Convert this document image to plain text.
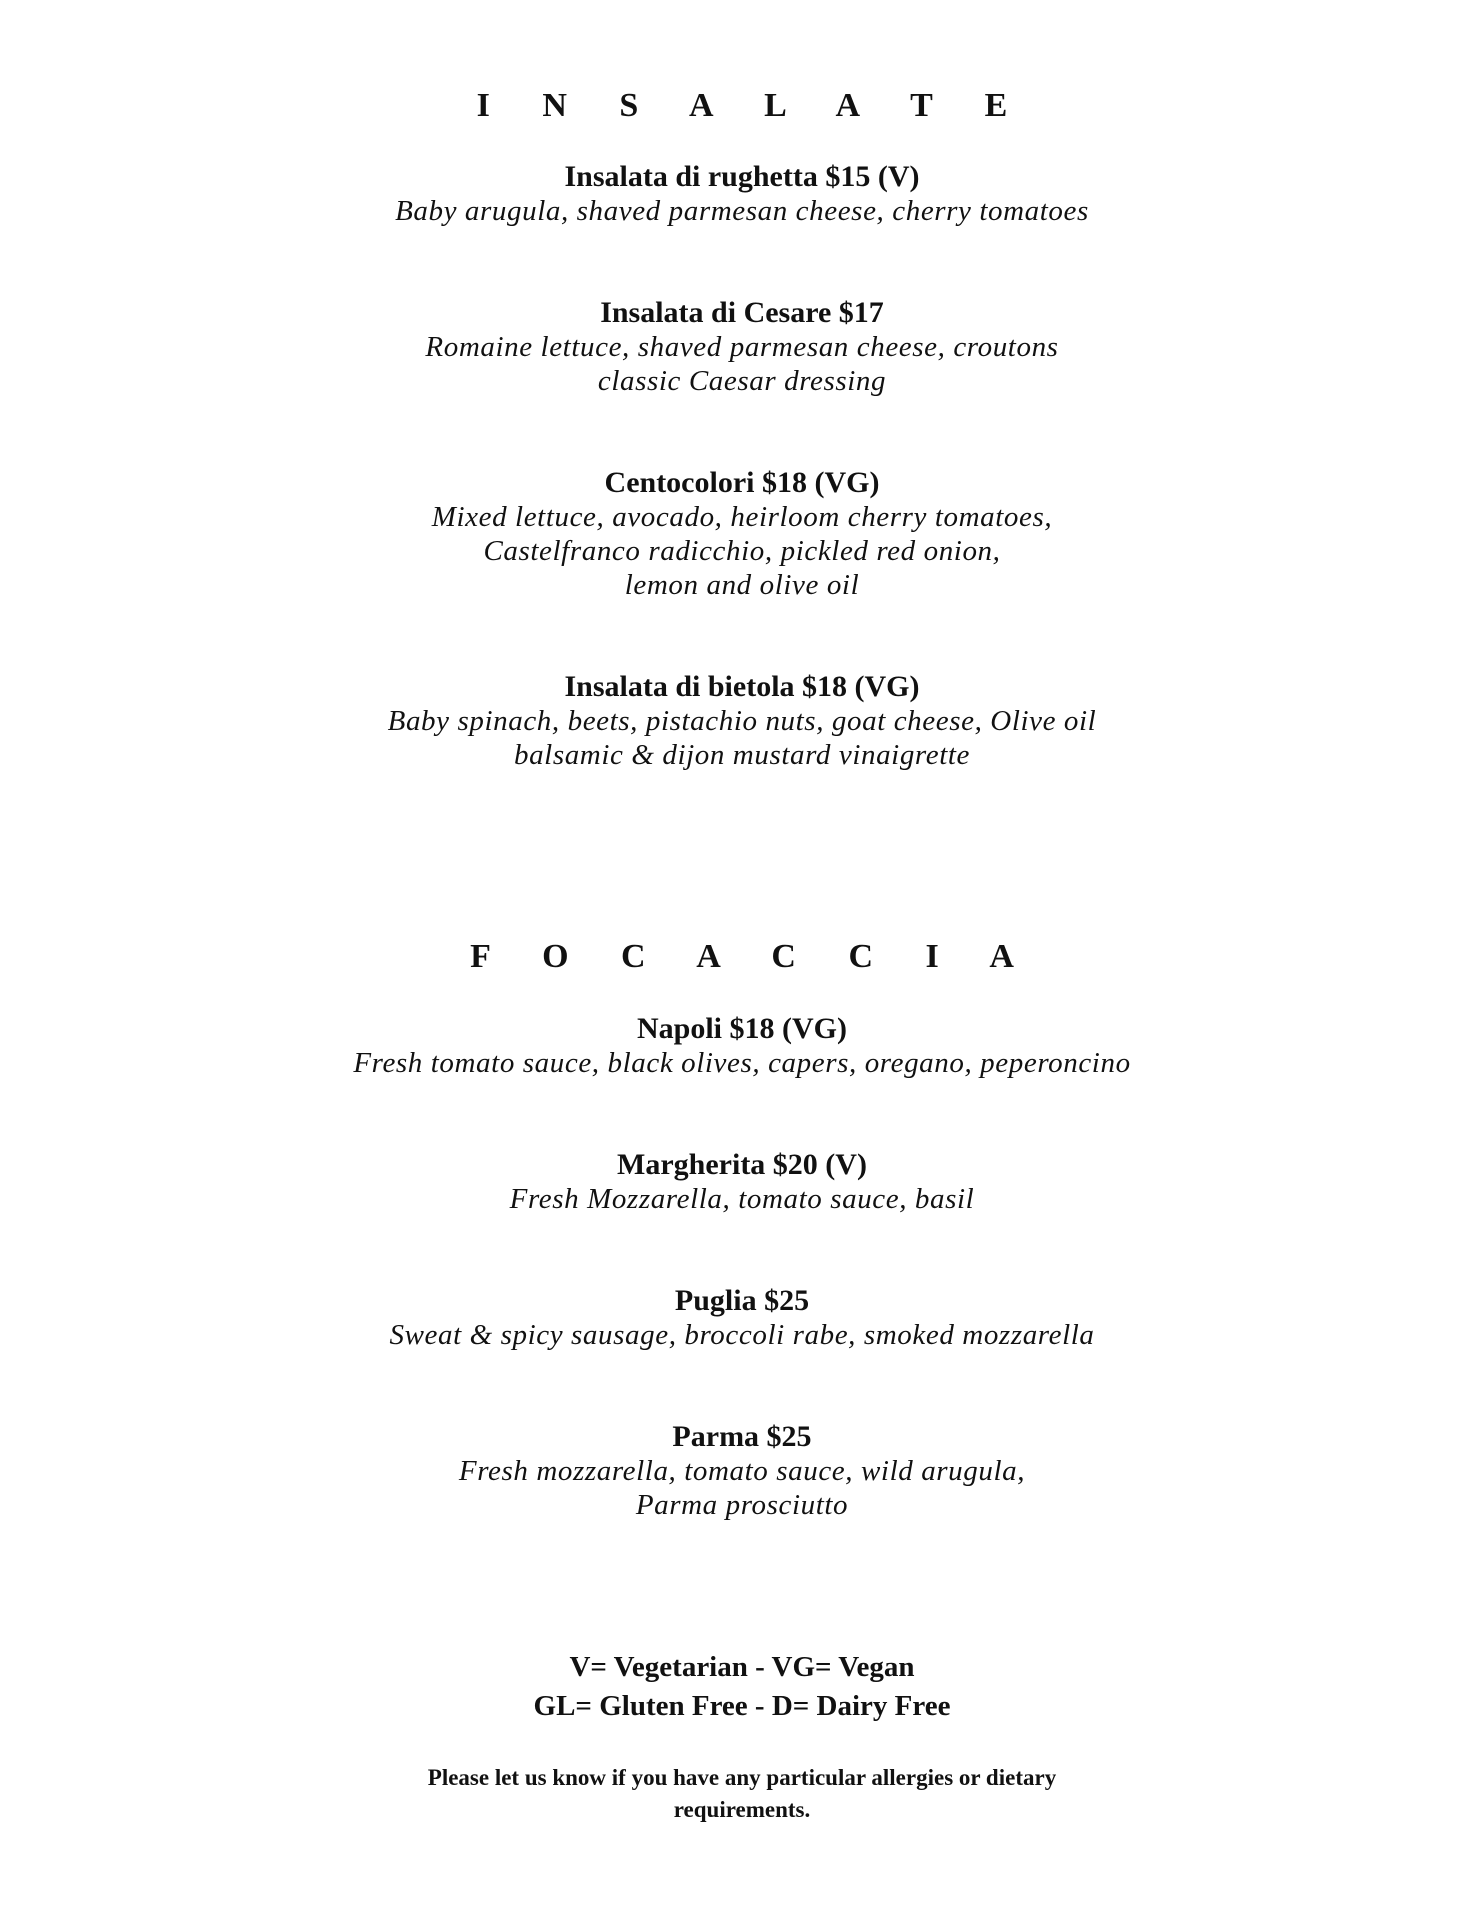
I N S A L A T E

Insalata di rughetta $15 (V)

Baby arugula, shaved parmesan cheese, cherry tomatoes

Insalata di Cesare $17

Romaine lettuce, shaved parmesan cheese, croutons
classic Caesar dressing

Centocolori $18 (VG)

Mixed lettuce, avocado, heirloom cherry tomatoes,
Castelfranco radicchio, pickled red onion,
lemon and olive oil

Insalata di bietola $18 (VG)

Baby spinach, beets, pistachio nuts, goat cheese, Olive oil
balsamic & dijon mustard vinaigrette

F O C A C C I A

Napoli $18 (VG)

Fresh tomato sauce, black olives, capers, oregano, peperoncino

Margherita $20 (V)

Fresh Mozzarella, tomato sauce, basil

Puglia $25

Sweat & spicy sausage, broccoli rabe, smoked mozzarella

Parma $25

Fresh mozzarella, tomato sauce, wild arugula,
Parma prosciutto

V= Vegetarian - VG= Vegan
GL= Gluten Free - D= Dairy Free
Please let us know if you have any particular allergies or dietary
requirements.
